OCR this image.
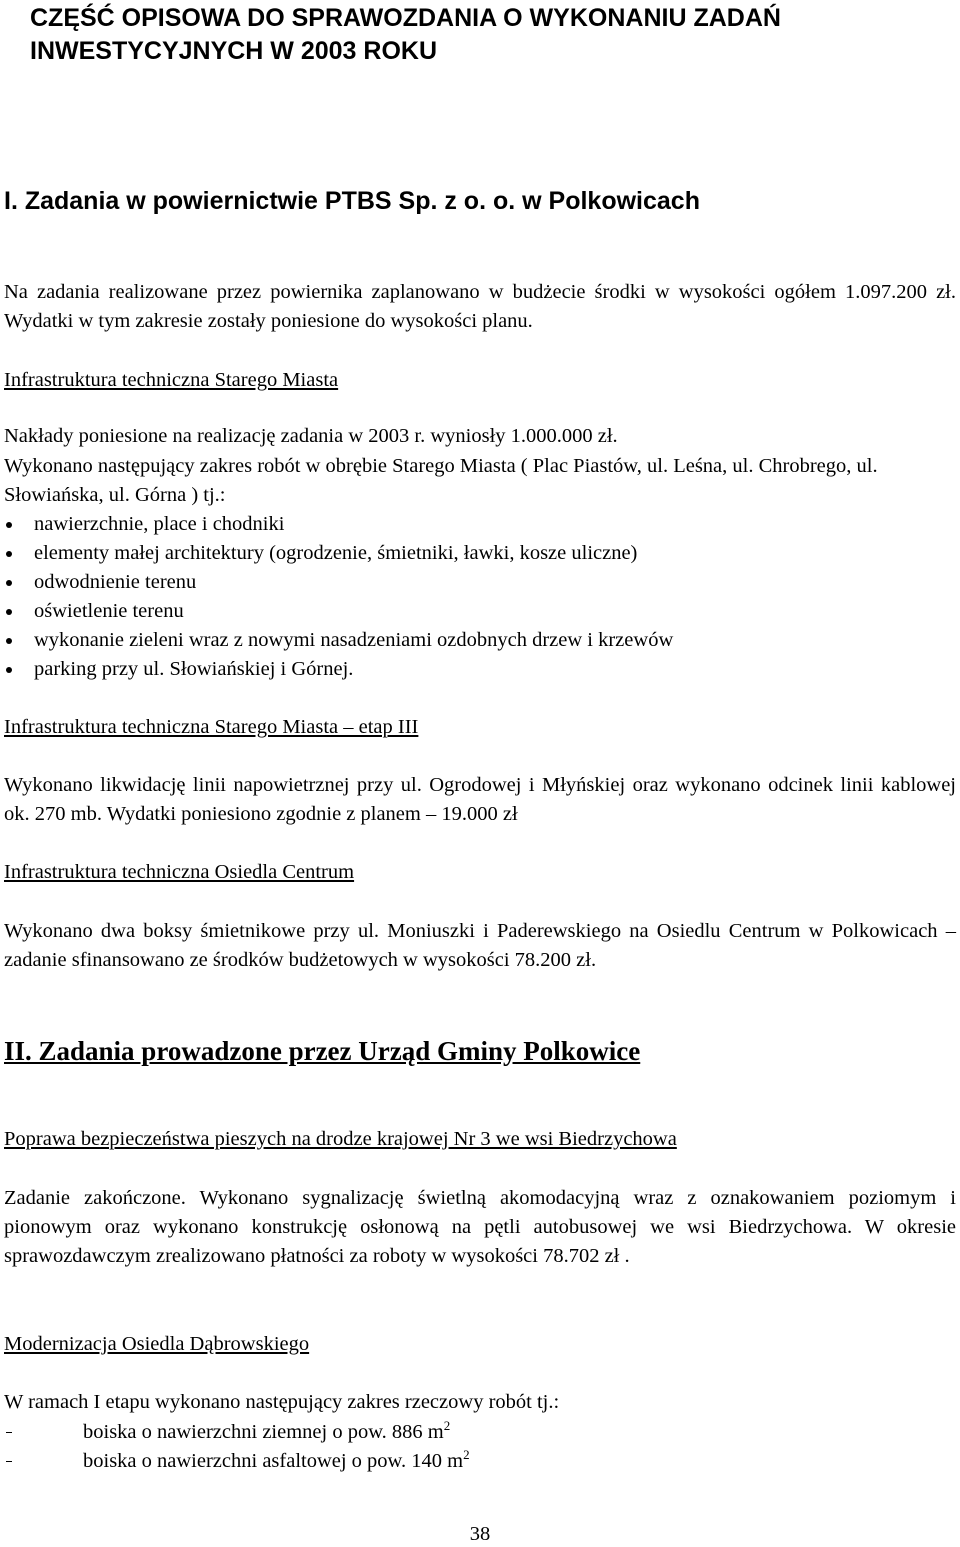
CZĘŚĆ OPISOWA DO SPRAWOZDANIA O WYKONANIU ZADAŃ
INWESTYCYJNYCH W 2003 ROKU
I. Zadania w powiernictwie PTBS Sp. z o. o. w Polkowicach

Na zadania realizowane przez powiernika zaplanowano w budżecie środki w wysokości ogółem 1.097.200 zł. Wydatki w tym zakresie zostały poniesione do wysokości planu.

Infrastruktura techniczna Starego Miasta

Nakłady poniesione na realizację zadania w 2003 r. wyniosły 1.000.000 zł.

Wykonano następujący zakres robót w obrębie Starego Miasta ( Plac Piastów, ul. Leśna, ul. Chrobrego, ul. Słowiańska, ul. Górna ) tj.:

nawierzchnie, place i chodniki
elementy małej architektury (ogrodzenie, śmietniki, ławki, kosze uliczne)
odwodnienie terenu
oświetlenie terenu
wykonanie zieleni wraz z nowymi nasadzeniami ozdobnych drzew i krzewów
parking przy ul. Słowiańskiej i Górnej.

Infrastruktura techniczna Starego Miasta – etap III

Wykonano likwidację linii napowietrznej przy ul. Ogrodowej i Młyńskiej oraz wykonano odcinek linii kablowej ok. 270 mb. Wydatki poniesiono zgodnie z planem – 19.000 zł

Infrastruktura techniczna Osiedla Centrum

Wykonano dwa boksy śmietnikowe przy ul. Moniuszki i Paderewskiego na Osiedlu Centrum w Polkowicach – zadanie sfinansowano ze środków budżetowych w wysokości 78.200 zł.

II. Zadania prowadzone przez Urząd Gminy Polkowice

Poprawa bezpieczeństwa pieszych na drodze krajowej Nr 3 we wsi Biedrzychowa

Zadanie zakończone. Wykonano sygnalizację świetlną akomodacyjną wraz z oznakowaniem poziomym i pionowym oraz wykonano konstrukcję osłonową na pętli autobusowej we wsi Biedrzychowa. W okresie sprawozdawczym zrealizowano płatności za roboty w wysokości 78.702 zł .

Modernizacja Osiedla Dąbrowskiego

W ramach I etapu wykonano następujący zakres rzeczowy robót tj.:

boiska o nawierzchni ziemnej o pow. 886 $m^2$
boiska o nawierzchni asfaltowej o pow. 140 $m^2$
38
